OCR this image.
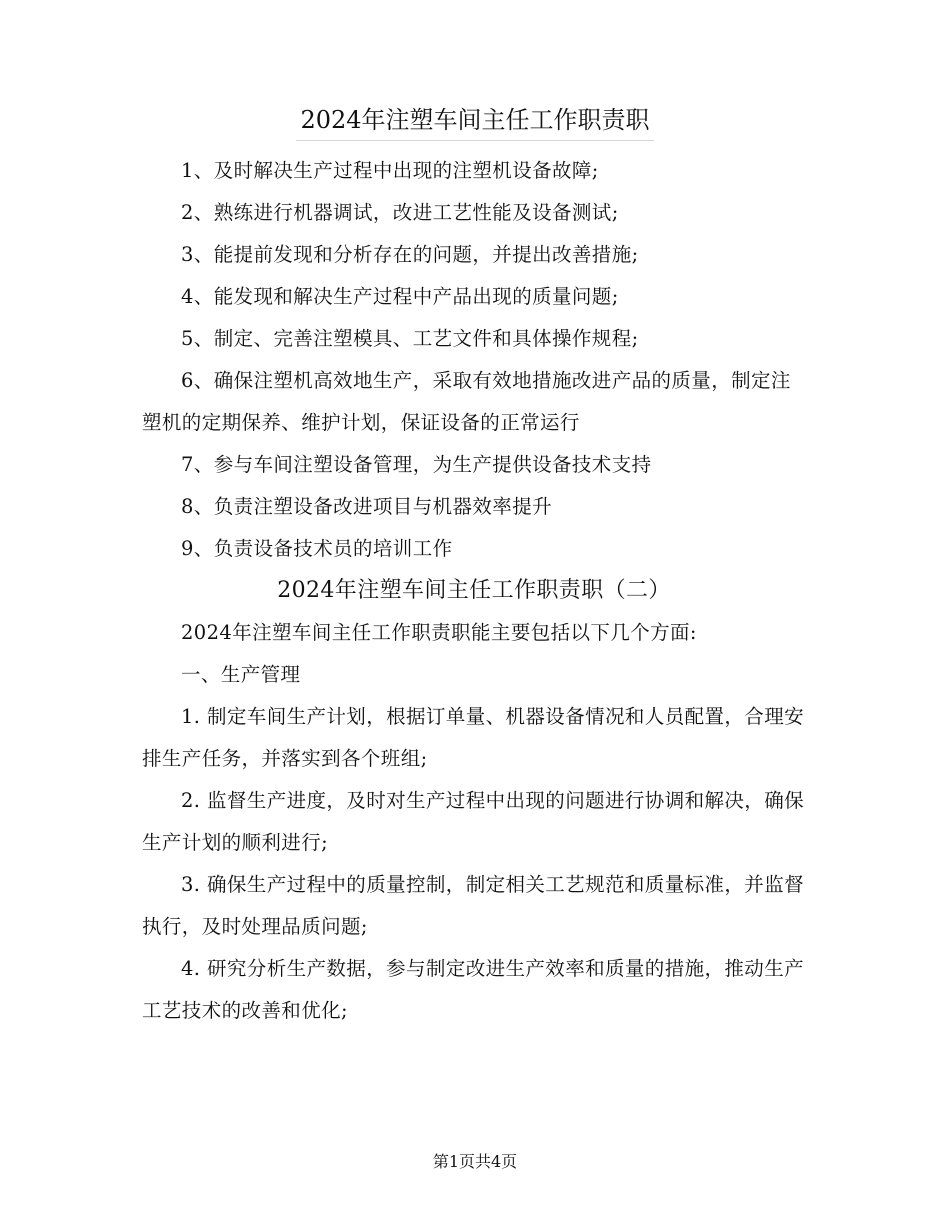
2024年注塑车间主任工作职责职

1、及时解决生产过程中出现的注塑机设备故障;

2、熟练进行机器调试，改进工艺性能及设备测试;

3、能提前发现和分析存在的问题，并提出改善措施;

4、能发现和解决生产过程中产品出现的质量问题;

5、制定、完善注塑模具、工艺文件和具体操作规程;

6、确保注塑机高效地生产，采取有效地措施改进产品的质量，制定注塑机的定期保养、维护计划，保证设备的正常运行

7、参与车间注塑设备管理，为生产提供设备技术支持

8、负责注塑设备改进项目与机器效率提升

9、负责设备技术员的培训工作

2024年注塑车间主任工作职责职（二）

2024年注塑车间主任工作职责职能主要包括以下几个方面:

一、生产管理

1. 制定车间生产计划，根据订单量、机器设备情况和人员配置，合理安排生产任务，并落实到各个班组;

2. 监督生产进度，及时对生产过程中出现的问题进行协调和解决，确保生产计划的顺利进行;

3. 确保生产过程中的质量控制，制定相关工艺规范和质量标准，并监督执行，及时处理品质问题;

4. 研究分析生产数据，参与制定改进生产效率和质量的措施，推动生产工艺技术的改善和优化;

第1页共4页
